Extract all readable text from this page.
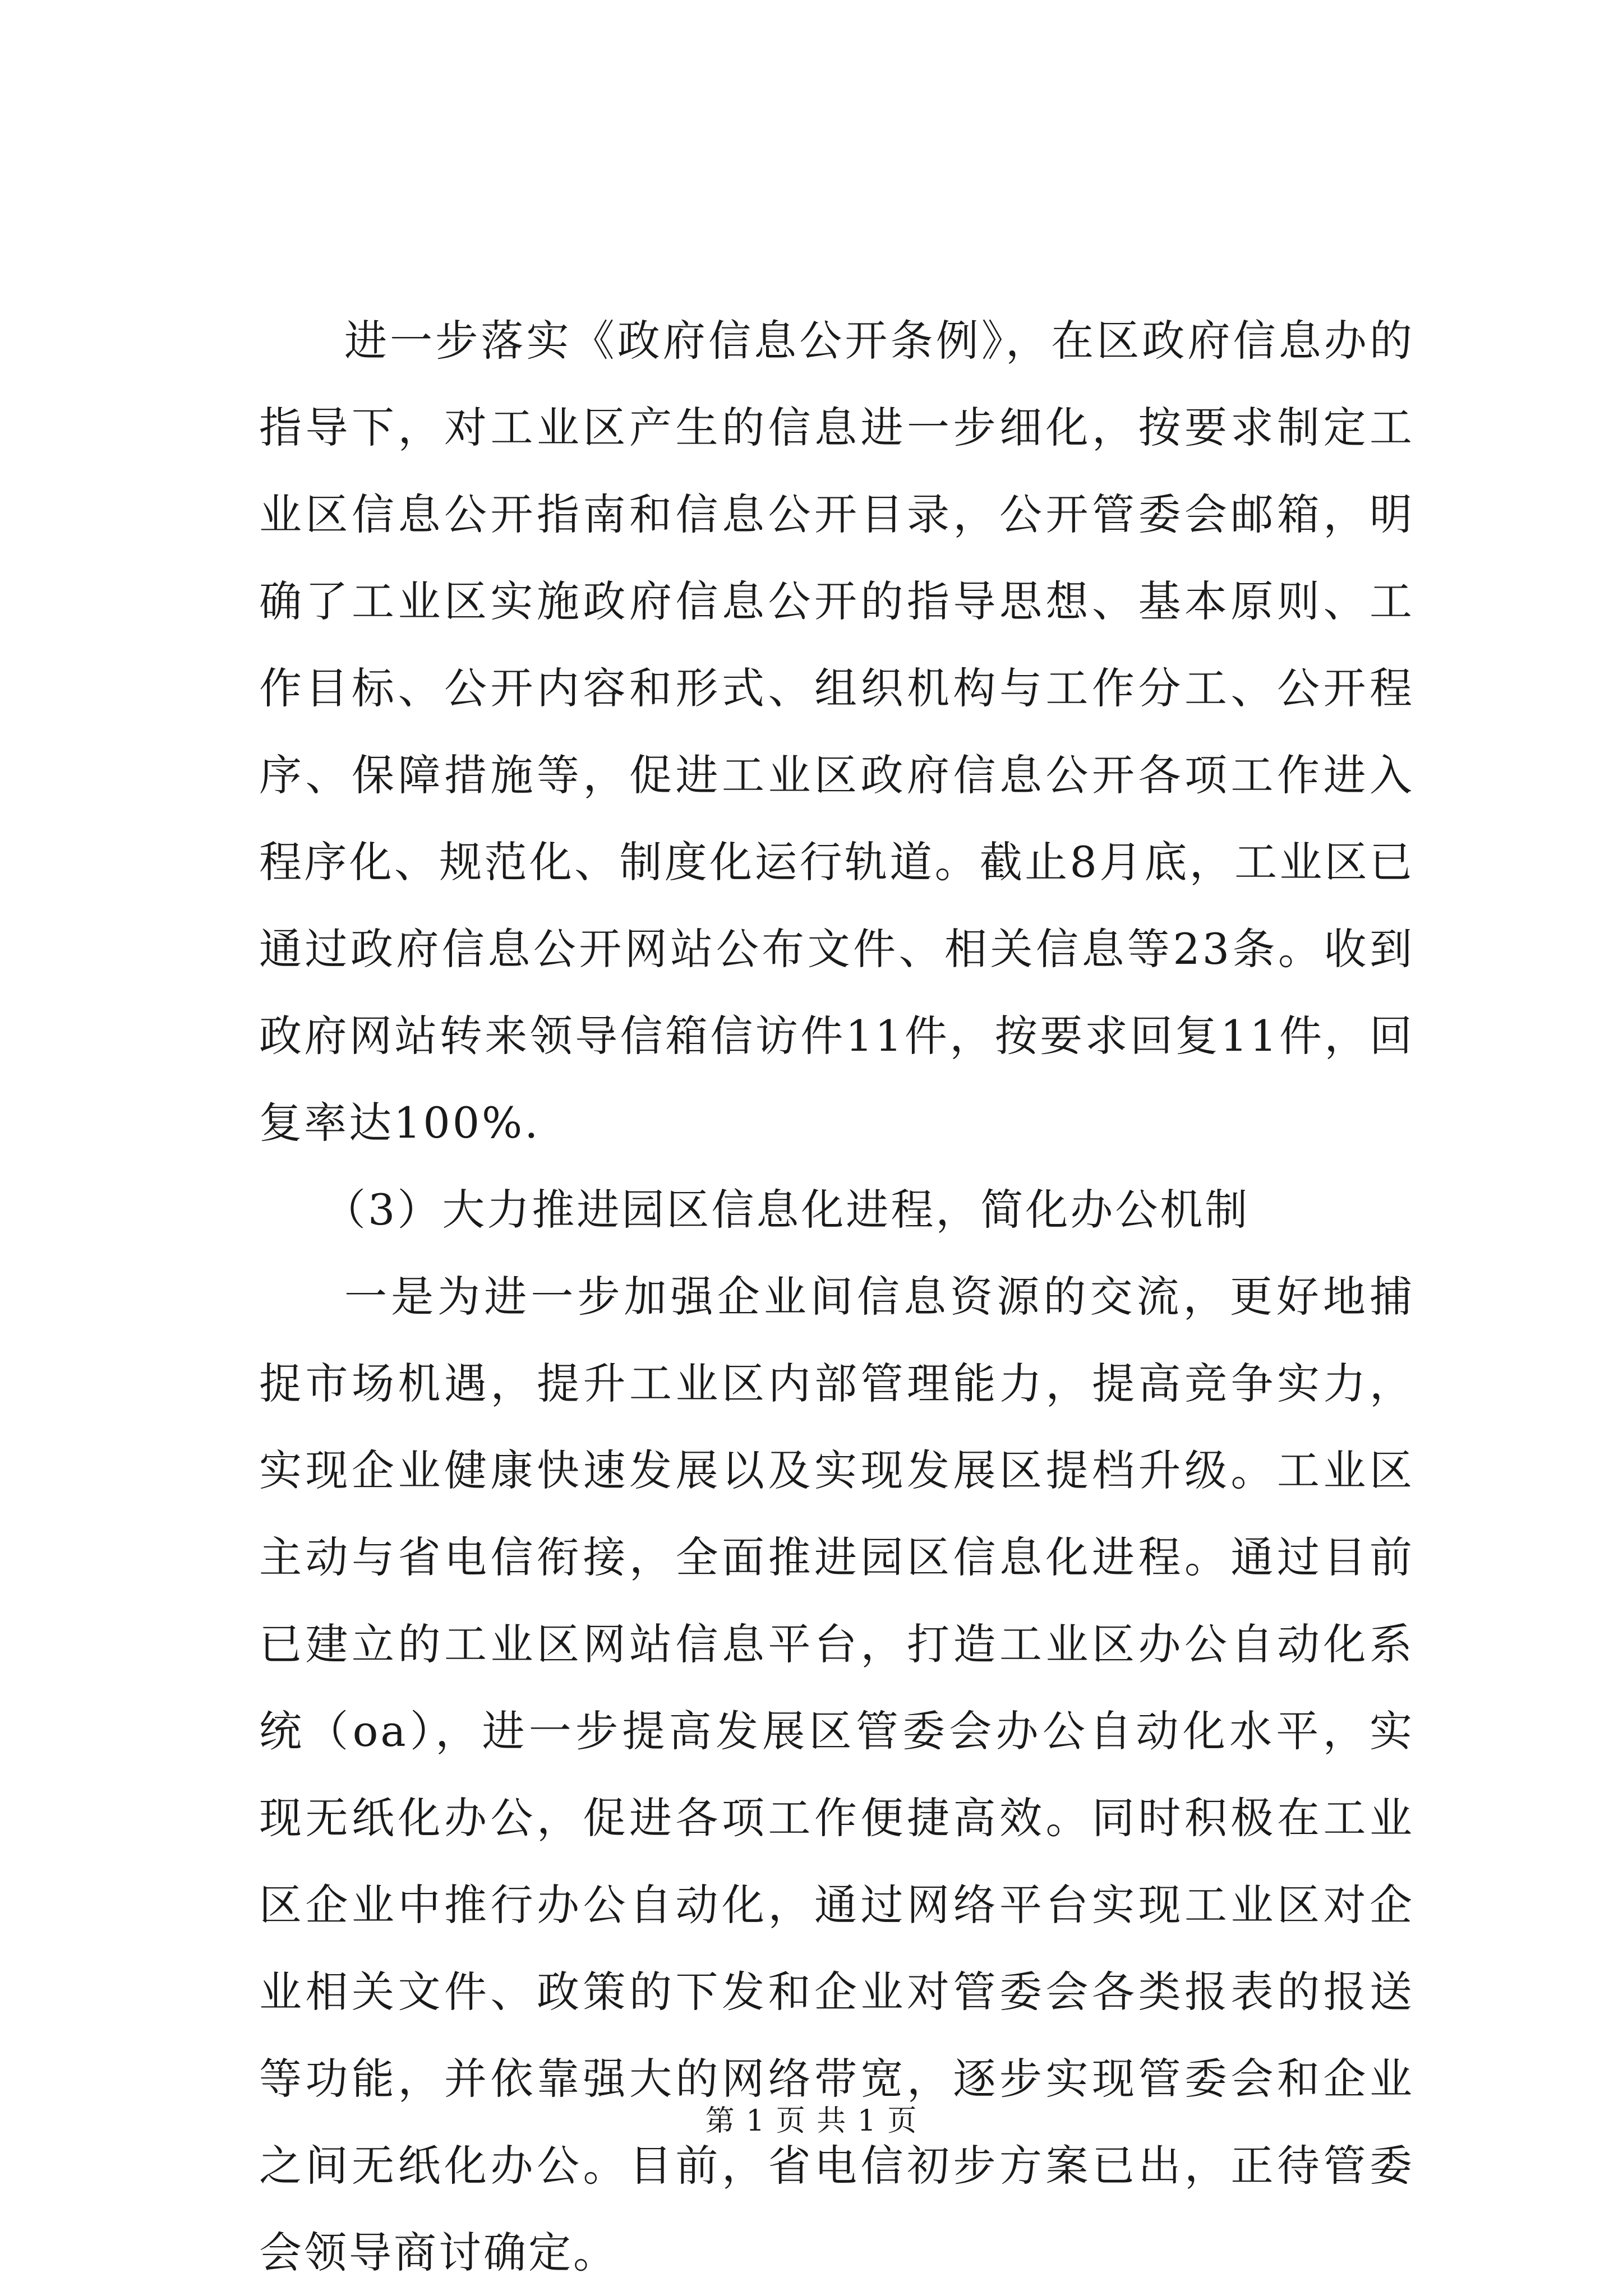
进一步落实《政府信息公开条例》，在区政府信息办的指导下，对工业区产生的信息进一步细化，按要求制定工业区信息公开指南和信息公开目录，公开管委会邮箱，明确了工业区实施政府信息公开的指导思想、基本原则、工作目标、公开内容和形式、组织机构与工作分工、公开程序、保障措施等，促进工业区政府信息公开各项工作进入程序化、规范化、制度化运行轨道。截止8月底，工业区已通过政府信息公开网站公布文件、相关信息等23条。收到政府网站转来领导信箱信访件11件，按要求回复11件，回复率达100%.

（3）大力推进园区信息化进程，简化办公机制

一是为进一步加强企业间信息资源的交流，更好地捕捉市场机遇，提升工业区内部管理能力，提高竞争实力，实现企业健康快速发展以及实现发展区提档升级。工业区主动与省电信衔接，全面推进园区信息化进程。通过目前已建立的工业区网站信息平台，打造工业区办公自动化系统（oa），进一步提高发展区管委会办公自动化水平，实现无纸化办公，促进各项工作便捷高效。同时积极在工业区企业中推行办公自动化，通过网络平台实现工业区对企业相关文件、政策的下发和企业对管委会各类报表的报送等功能，并依靠强大的网络带宽，逐步实现管委会和企业之间无纸化办公。目前，省电信初步方案已出，正待管委会领导商讨确定。

第 1 页 共 1 页
